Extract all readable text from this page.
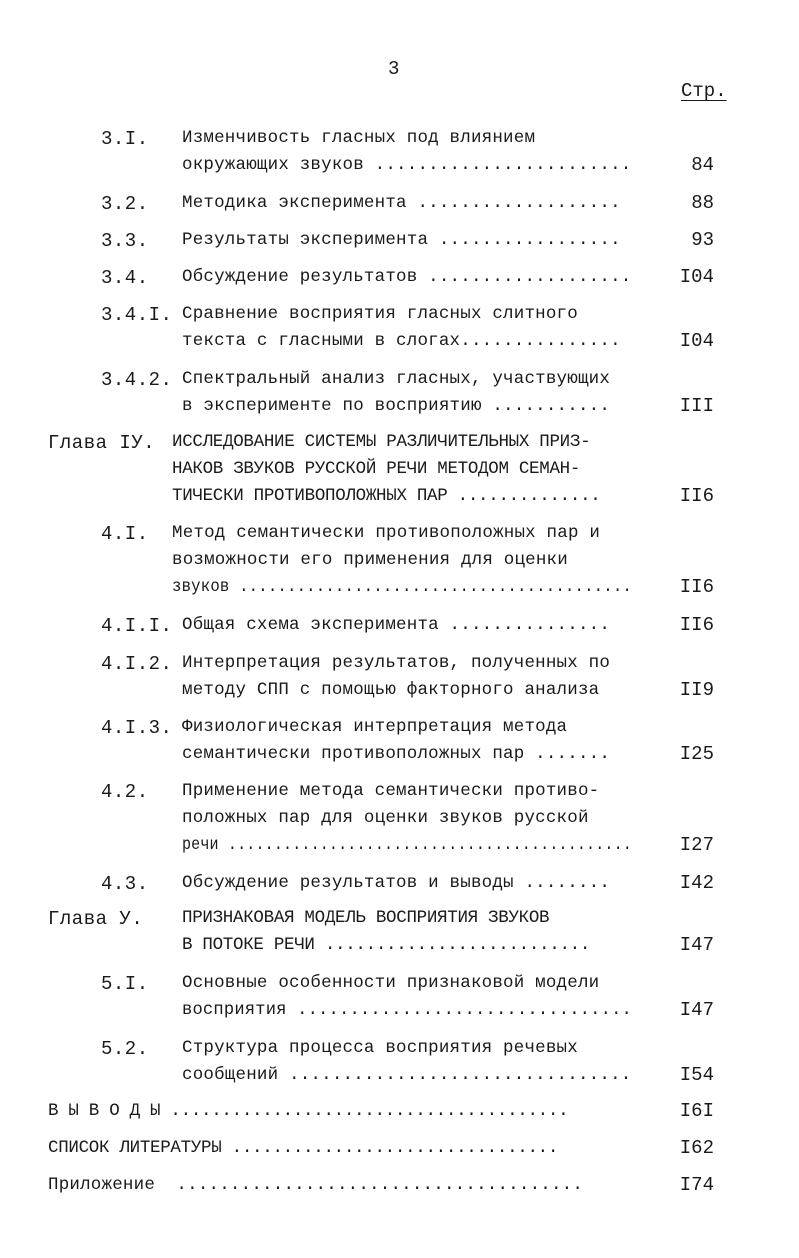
3
Стр.
3.I. Изменчивость гласных под влиянием
окружающих звуков ........................	84
3.2. Методика эксперимента ...................	88
3.3. Результаты эксперимента .................	93
3.4. Обсуждение результатов ...................	I04
3.4.I. Сравнение восприятия гласных слитного
текста с гласными в слогах...............	I04
3.4.2. Спектральный анализ гласных, участвующих
в эксперименте по восприятию ...........	III
Глава IУ. ИССЛЕДОВАНИЕ СИСТЕМЫ РАЗЛИЧИТЕЛЬНЫХ ПРИЗ-
НАКОВ ЗВУКОВ РУССКОЙ РЕЧИ МЕТОДОМ СЕМАН-
ТИЧЕСКИ ПРОТИВОПОЛОЖНЫХ ПАР ..............	II6
4.I. Метод семантически противоположных пар и
возможности его применения для оценки
звуков .........................................	II6
4.I.I. Общая схема эксперимента ...............	II6
4.I.2. Интерпретация результатов, полученных по
методу СПП с помощью факторного анализа	II9
4.I.3. Физиологическая интерпретация метода
семантически противоположных пар .......	I25
4.2. Применение метода семантически противо-
положных пар для оценки звуков русской
речи ............................................	I27
4.3. Обсуждение результатов и выводы ........	I42
Глава У. ПРИЗНАКОВАЯ МОДЕЛЬ ВОСПРИЯТИЯ ЗВУКОВ
В ПОТОКЕ РЕЧИ ..........................	I47
5.I. Основные особенности признаковой модели
восприятия ................................	I47
5.2. Структура процесса восприятия речевых
сообщений ................................	I54
В Ы В О Д Ы .......................................	I6I
СПИСОК ЛИТЕРАТУРЫ ................................	I62
Приложение  ......................................	I74
